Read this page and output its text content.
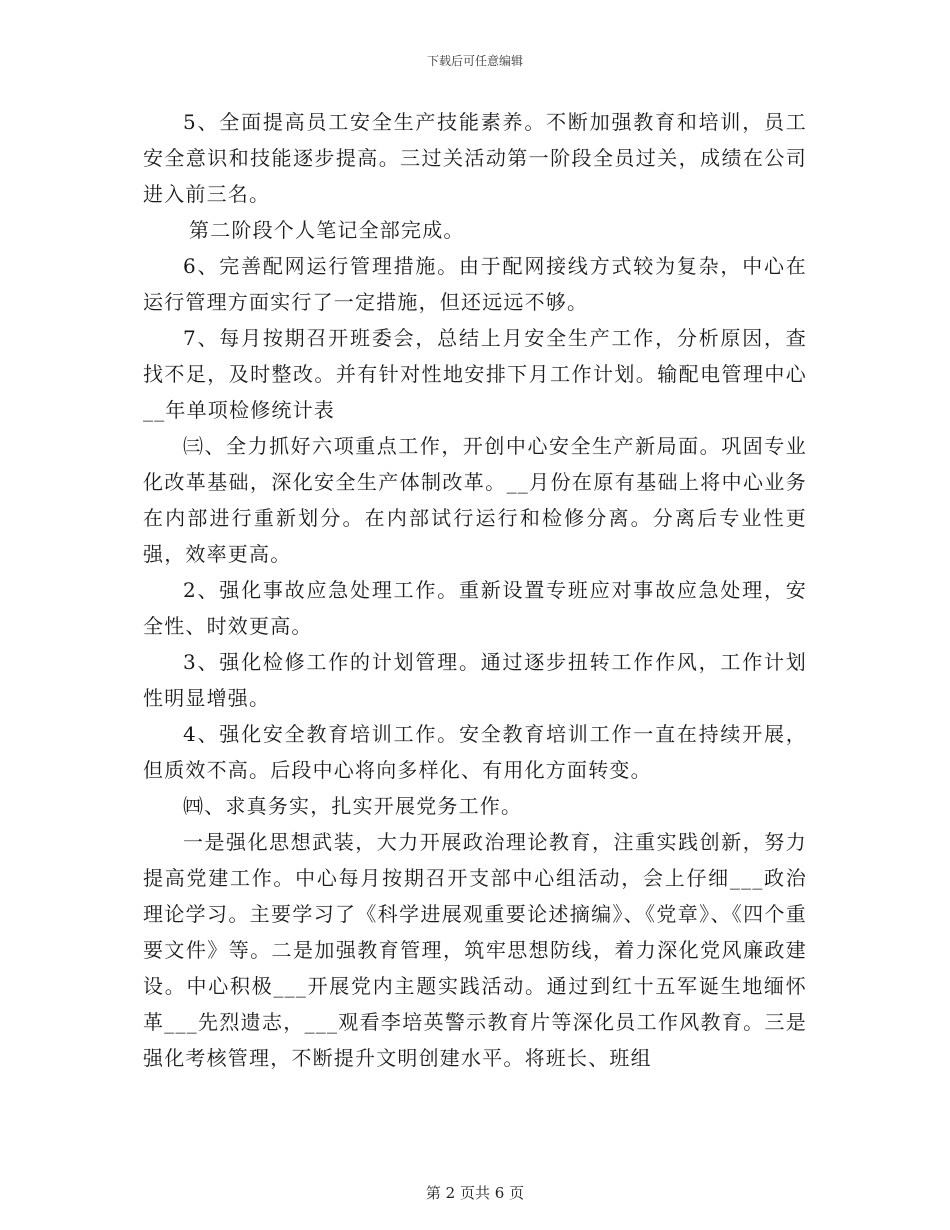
下载后可任意编辑

5、全面提高员工安全生产技能素养。不断加强教育和培训，员工安全意识和技能逐步提高。三过关活动第一阶段全员过关，成绩在公司进入前三名。

第二阶段个人笔记全部完成。

6、完善配网运行管理措施。由于配网接线方式较为复杂，中心在运行管理方面实行了一定措施，但还远远不够。

7、每月按期召开班委会，总结上月安全生产工作，分析原因，查找不足，及时整改。并有针对性地安排下月工作计划。输配电管理中心__年单项检修统计表

㈢、全力抓好六项重点工作，开创中心安全生产新局面。巩固专业化改革基础，深化安全生产体制改革。__月份在原有基础上将中心业务在内部进行重新划分。在内部试行运行和检修分离。分离后专业性更强，效率更高。

2、强化事故应急处理工作。重新设置专班应对事故应急处理，安全性、时效更高。

3、强化检修工作的计划管理。通过逐步扭转工作作风，工作计划性明显增强。

4、强化安全教育培训工作。安全教育培训工作一直在持续开展，但质效不高。后段中心将向多样化、有用化方面转变。

㈣、求真务实，扎实开展党务工作。

一是强化思想武装，大力开展政治理论教育，注重实践创新，努力提高党建工作。中心每月按期召开支部中心组活动，会上仔细___政治理论学习。主要学习了《科学进展观重要论述摘编》、《党章》、《四个重要文件》等。二是加强教育管理，筑牢思想防线，着力深化党风廉政建设。中心积极___开展党内主题实践活动。通过到红十五军诞生地缅怀革___先烈遗志，___观看李培英警示教育片等深化员工作风教育。三是强化考核管理，不断提升文明创建水平。将班长、班组

第 2 页共 6 页
